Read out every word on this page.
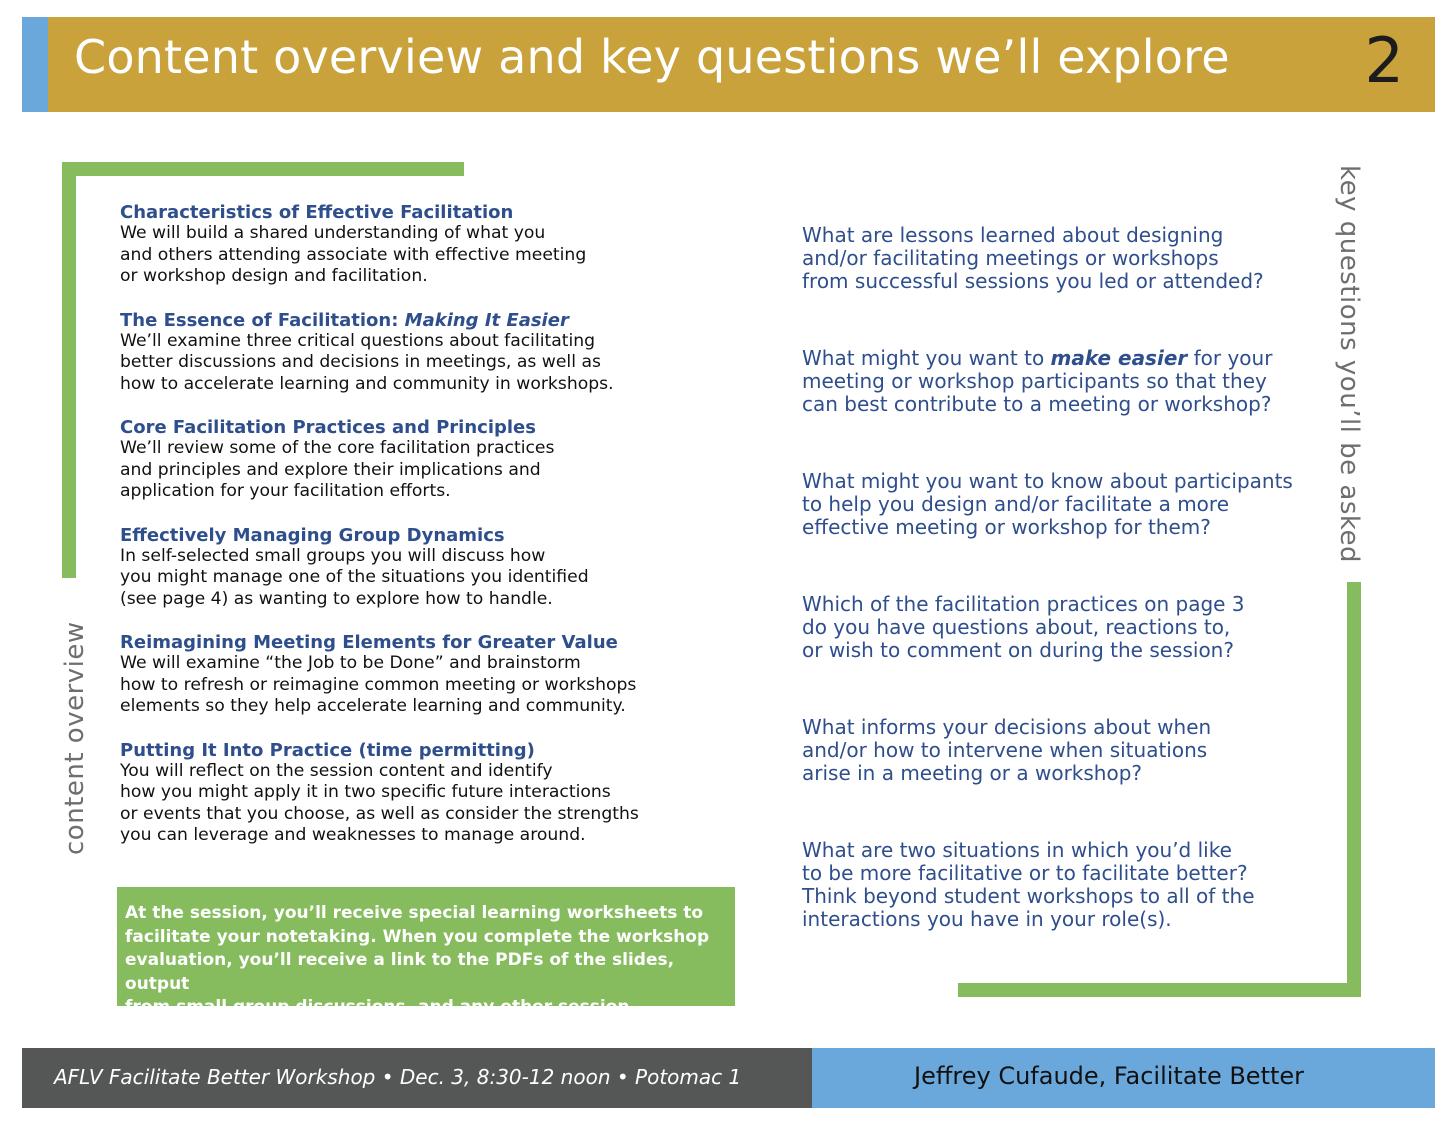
Content overview and key questions we’ll explore 2
content overview
key questions you’ll be asked
Characteristics of Effective Facilitation
We will build a shared understanding of what you
and others attending associate with effective meeting
or workshop design and facilitation.
The Essence of Facilitation: Making It Easier
We’ll examine three critical questions about facilitating
better discussions and decisions in meetings, as well as
how to accelerate learning and community in workshops.
Core Facilitation Practices and Principles
We’ll review some of the core facilitation practices
and principles and explore their implications and
application for your facilitation efforts.
Effectively Managing Group Dynamics
In self-selected small groups you will discuss how
you might manage one of the situations you identified
(see page 4) as wanting to explore how to handle.
Reimagining Meeting Elements for Greater Value
We will examine “the Job to be Done” and brainstorm
how to refresh or reimagine common meeting or workshops
elements so they help accelerate learning and community.
Putting It Into Practice (time permitting)
You will reflect on the session content and identify
how you might apply it in two specific future interactions
or events that you choose, as well as consider the strengths
you can leverage and weaknesses to manage around.
At the session, you’ll receive special learning worksheets to
facilitate your notetaking. When you complete the workshop
evaluation, you’ll receive a link to the PDFs of the slides, output
from small group discussions, and any other session materials.
What are lessons learned about designing
and/or facilitating meetings or workshops
from successful sessions you led or attended?
What might you want to make easier for your
meeting or workshop participants so that they
can best contribute to a meeting or workshop?
What might you want to know about participants
to help you design and/or facilitate a more
effective meeting or workshop for them?
Which of the facilitation practices on page 3
do you have questions about, reactions to,
or wish to comment on during the session?
What informs your decisions about when
and/or how to intervene when situations
arise in a meeting or a workshop?
What are two situations in which you’d like
to be more facilitative or to facilitate better?
Think beyond student workshops to all of the
interactions you have in your role(s).
AFLV Facilitate Better Workshop • Dec. 3, 8:30-12 noon • Potomac 1	Jeffrey Cufaude, Facilitate Better
